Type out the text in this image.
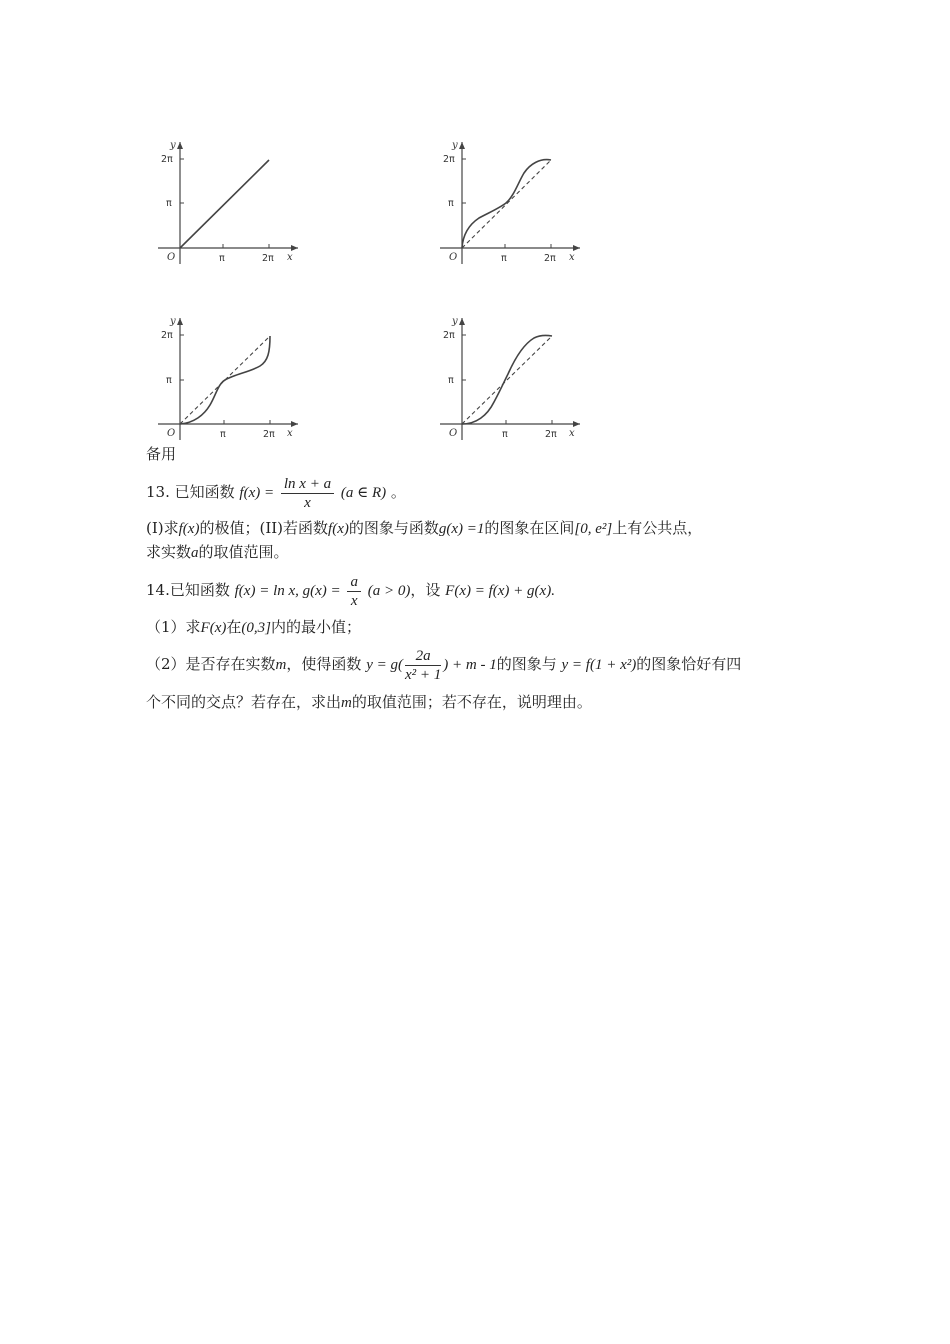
y
2π
π
O	π	2π x
y
2π
π
O	π	2π x
y
2π
π
O	π	2π x
y
2π
π
O	π	2π x
备用
13. 已知函数 $f(x) = \frac{\text{ln x + a}}{x} (a$ ∈ R) 。
(I)求f(x)的极值；(II)若函数f(x)的图象与函数g(x) =1的图象在区间[0, e²]上有公共点，
求实数a的取值范围。
14.已知函数 f(x) = ln x, $g(x) = \frac{a}{x} (a > 0)$，设 F(x) = f(x) + g(x).
（1）求F(x)在(0,3]内的最小值；
（2）是否存在实数m，使得函数 $y = g( \frac{2a}{\text{x² + 1}}$ ) + m - 1的图象与 y = f(1 + x²)的图象恰好有四
个不同的交点？若存在，求出m的取值范围；若不存在，说明理由。
